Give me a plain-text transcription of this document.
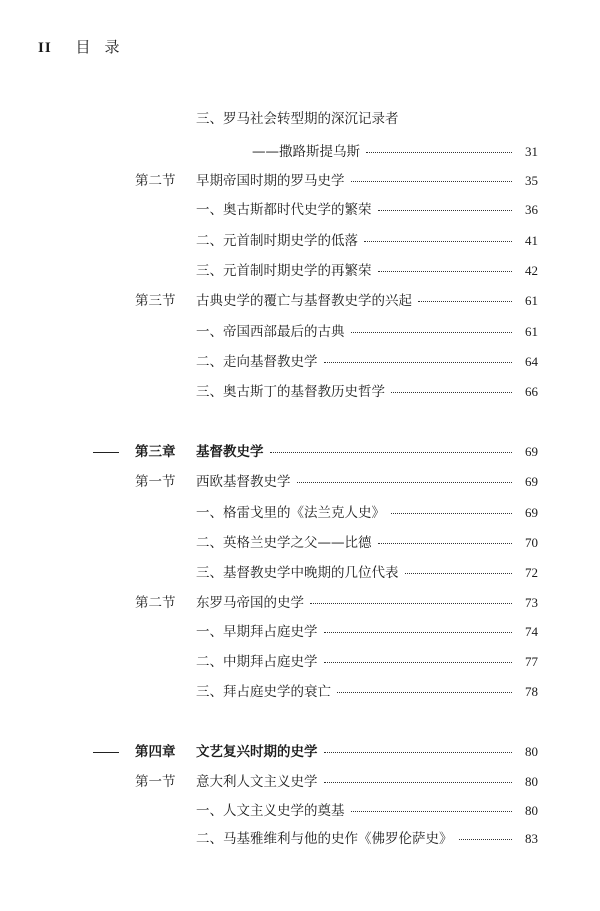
II 目录
三、罗马社会转型期的深沉记录者
——撒路斯提乌斯	31
第二节 早期帝国时期的罗马史学	35
一、奥古斯都时代史学的繁荣	36
二、元首制时期史学的低落	41
三、元首制时期史学的再繁荣	42
第三节 古典史学的覆亡与基督教史学的兴起	61
一、帝国西部最后的古典	61
二、走向基督教史学	64
三、奥古斯丁的基督教历史哲学	66
第三章 基督教史学	69
第一节 西欧基督教史学	69
一、格雷戈里的《法兰克人史》	69
二、英格兰史学之父——比德	70
三、基督教史学中晚期的几位代表	72
第二节 东罗马帝国的史学	73
一、早期拜占庭史学	74
二、中期拜占庭史学	77
三、拜占庭史学的衰亡	78
第四章 文艺复兴时期的史学	80
第一节 意大利人文主义史学	80
一、人文主义史学的奠基	80
二、马基雅维利与他的史作《佛罗伦萨史》	83
